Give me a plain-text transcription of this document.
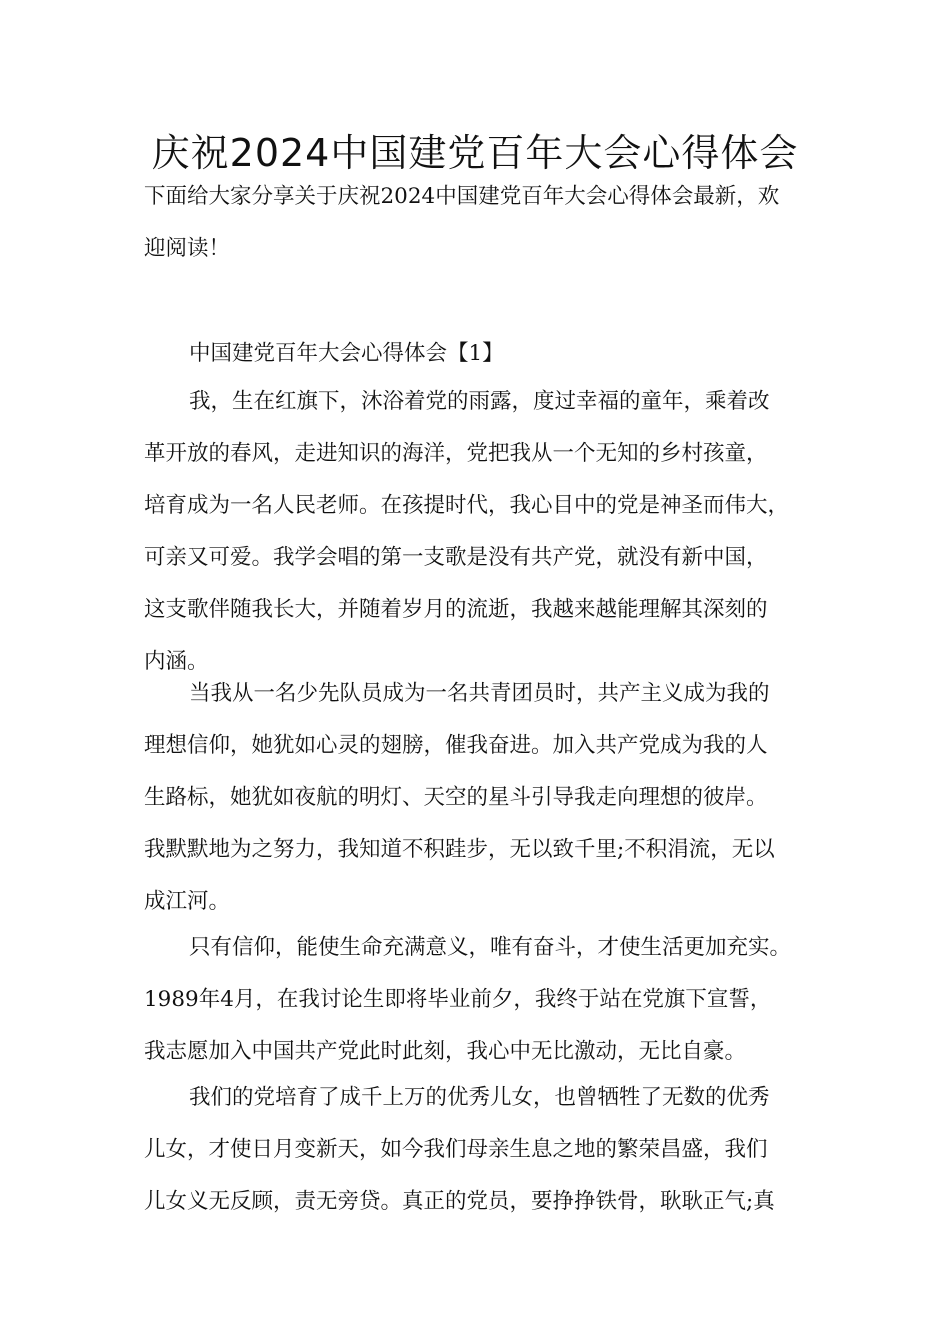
庆祝2024中国建党百年大会心得体会
下面给大家分享关于庆祝2024中国建党百年大会心得体会最新，欢
迎阅读！
中国建党百年大会心得体会【1】
我，生在红旗下，沐浴着党的雨露，度过幸福的童年，乘着改
革开放的春风，走进知识的海洋，党把我从一个无知的乡村孩童，
培育成为一名人民老师。在孩提时代，我心目中的党是神圣而伟大，
可亲又可爱。我学会唱的第一支歌是没有共产党，就没有新中国，
这支歌伴随我长大，并随着岁月的流逝，我越来越能理解其深刻的
内涵。
当我从一名少先队员成为一名共青团员时，共产主义成为我的
理想信仰，她犹如心灵的翅膀，催我奋进。加入共产党成为我的人
生路标，她犹如夜航的明灯、天空的星斗引导我走向理想的彼岸。
我默默地为之努力，我知道不积跬步，无以致千里;不积涓流，无以
成江河。
只有信仰，能使生命充满意义，唯有奋斗，才使生活更加充实。
1989年4月，在我讨论生即将毕业前夕，我终于站在党旗下宣誓，
我志愿加入中国共产党此时此刻，我心中无比激动，无比自豪。
我们的党培育了成千上万的优秀儿女，也曾牺牲了无数的优秀
儿女，才使日月变新天，如今我们母亲生息之地的繁荣昌盛，我们
儿女义无反顾，责无旁贷。真正的党员，要挣挣铁骨，耿耿正气;真
